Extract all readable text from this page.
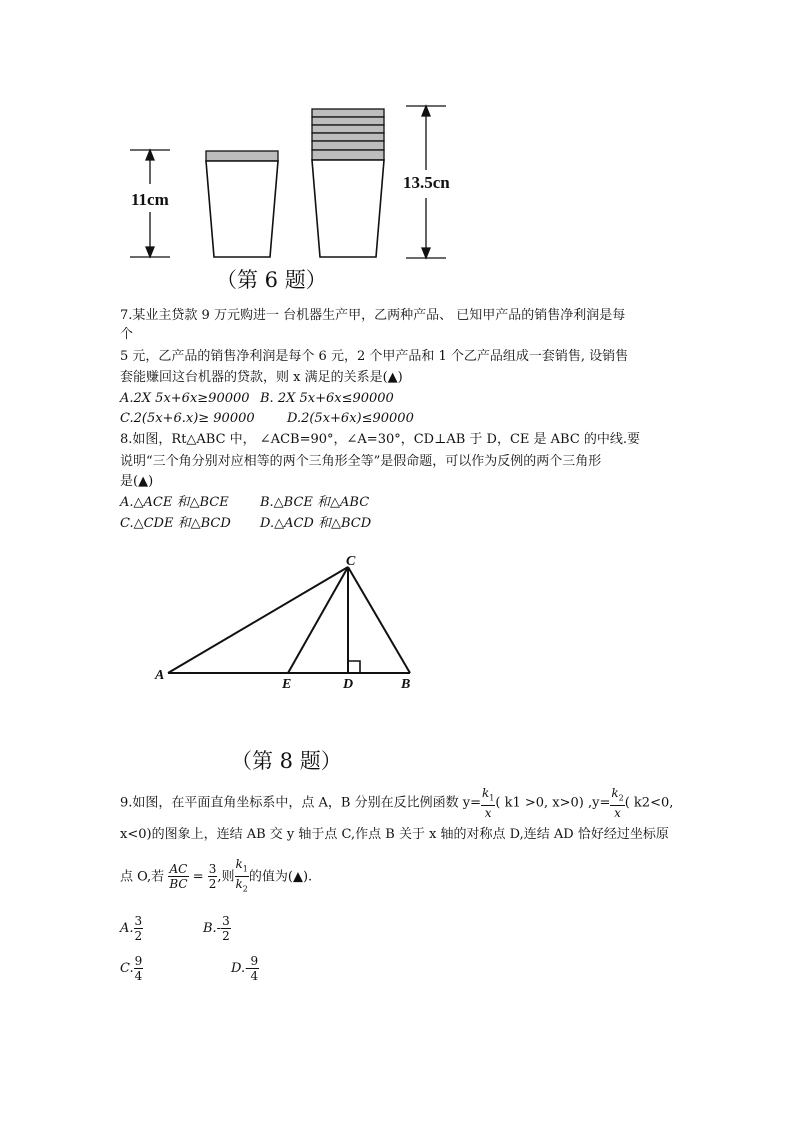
11cm
13.5cn
（第 6 题）
7.某业主贷款 9 万元购进一 台机器生产甲，乙两种产品、 已知甲产品的销售净利润是每
个
5 元，乙产品的销售净利润是每个 6 元，2 个甲产品和 1 个乙产品组成一套销售, 设销售
套能赚回这台机器的贷款，则 x 满足的关系是(▲)
A.2X 5x+6x≥90000 B. 2X 5x+6x≤90000
C.2(5x+6.x)≥ 90000 D.2(5x+6x)≤90000
8.如图，Rt△ABC 中， ∠ACB=90°，∠A=30°，CD⊥AB 于 D，CE 是 ABC 的中线.要
说明“三个角分别对应相等的两个三角形全等”是假命题，可以作为反例的两个三角形
是(▲)
A.△ACE 和△BCE B.△BCE 和△ABC
C.△CDE 和△BCD D.△ACD 和△BCD
C
A
E	D	B
（第 8 题）
9.如图，在平面直角坐标系中，点 A，B 分别在反比例函数 $y= \frac{k_1}{x}$ ( k1 >0, x>0) $,y= \frac{k_2}{x}$ ( k2<0,
x<0)的图象上，连结 AB 交 y 轴于点 C,作点 B 关于 x 轴的对称点 D,连结 AD 恰好经过坐标原
点 O,若 $\frac{AC}{BC} = \frac{3}{2}$ ,则 $\frac{k_1}{k_2}$ 的值为(▲).
A. $\frac{3}{2}$	$B.- \frac{3}{2}$
C. $\frac{9}{4}$	$D.- \frac{9}{4}$
